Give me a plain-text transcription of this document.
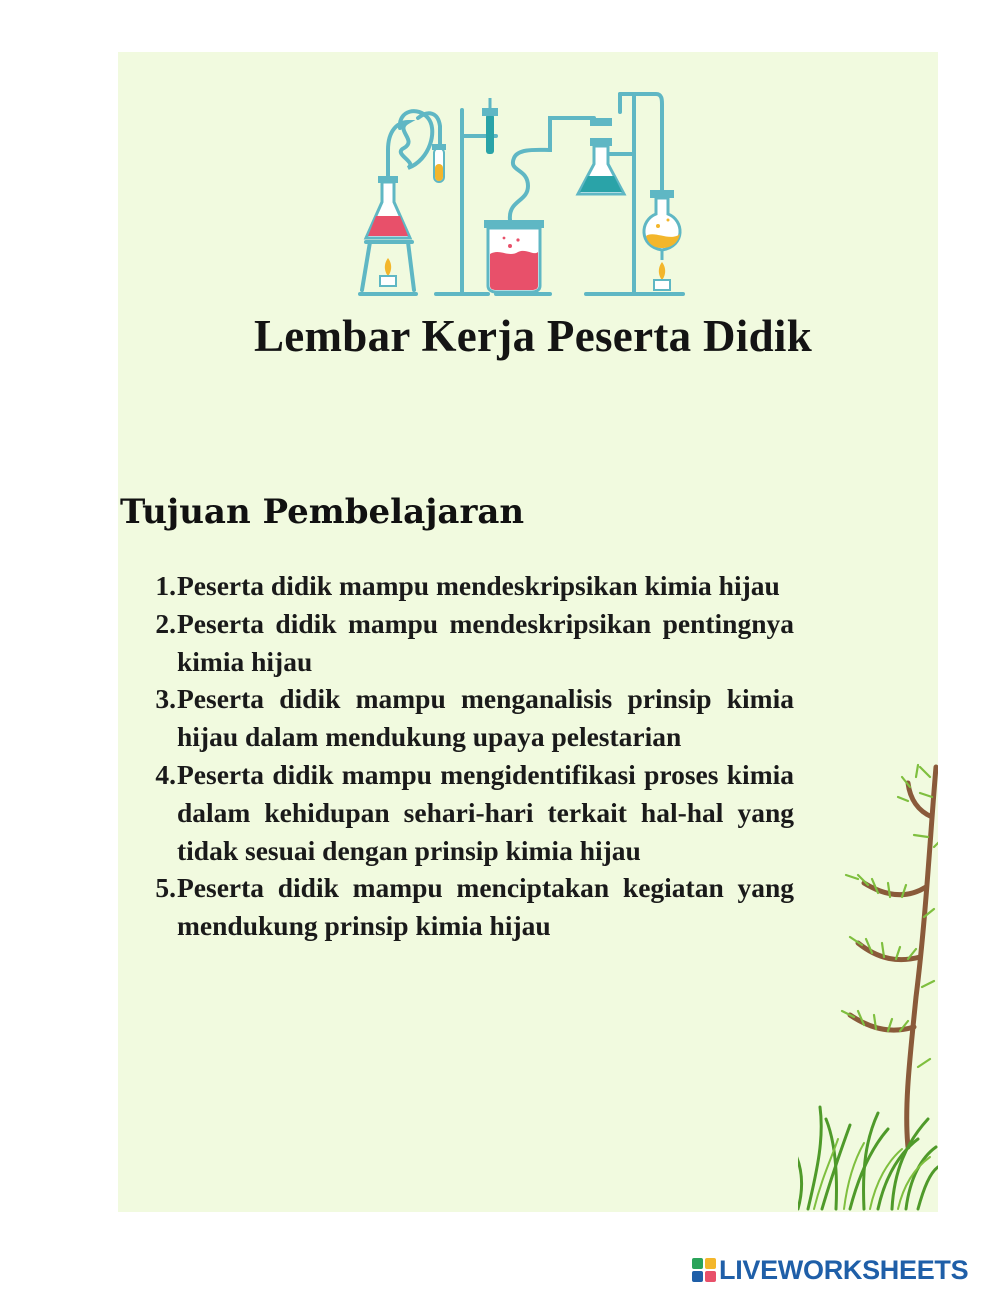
Lembar Kerja Peserta Didik
Tujuan Pembelajaran
1. Peserta didik mampu mendeskripsikan kimia hijau
2. Peserta didik mampu mendeskripsikan pentingnya kimia hijau
3. Peserta didik mampu menganalisis prinsip kimia hijau dalam mendukung upaya pelestarian
4. Peserta didik mampu mengidentifikasi proses kimia dalam kehidupan sehari-hari terkait hal-hal yang tidak sesuai dengan prinsip kimia hijau
5. Peserta didik mampu menciptakan kegiatan yang mendukung prinsip kimia hijau
LIVEWORKSHEETS
